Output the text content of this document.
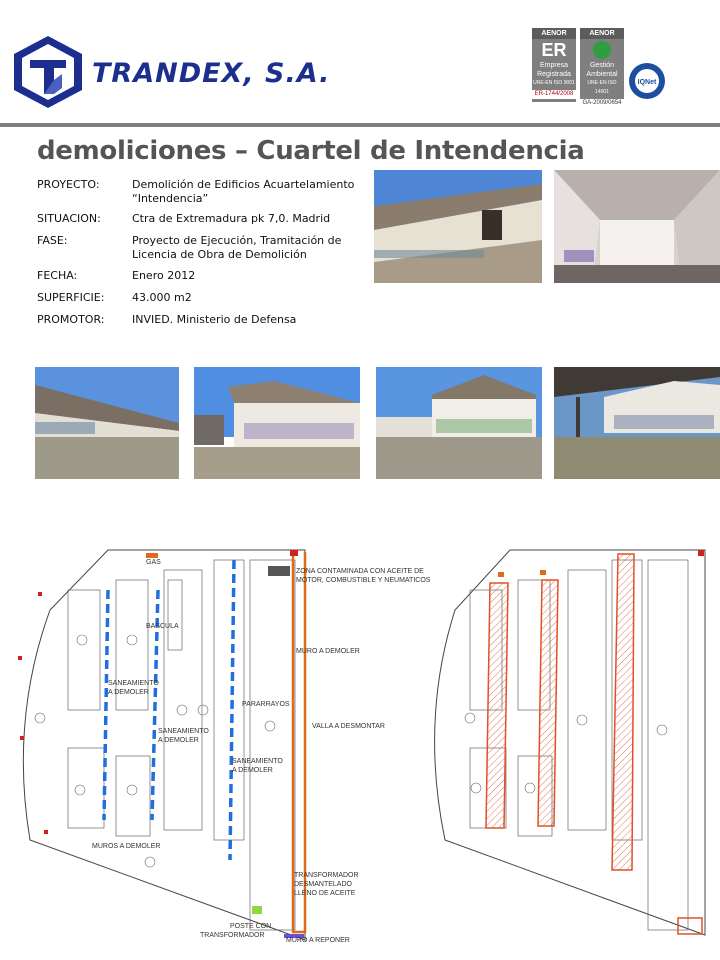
TRANDEX, S.A.
AENOR
ER
Empresa
Registrada
UNE-EN ISO 9001
ER-1744/2008
AENOR
Gestión
Ambiental
UNE-EN ISO 14001
GA-2009/0654
IQNet
demoliciones – Cuartel de Intendencia
PROYECTO:	Demolición de Edificios Acuartelamiento “Intendencia”
SITUACION:	Ctra de Extremadura pk 7,0. Madrid
FASE:	Proyecto de Ejecución, Tramitación de Licencia de Obra de Demolición
FECHA:	Enero 2012
SUPERFICIE:	43.000 m2
PROMOTOR:	INVIED. Ministerio de Defensa
GAS
BASCULA
ZONA CONTAMINADA CON ACEITE DE
MOTOR, COMBUSTIBLE Y NEUMATICOS
MURO A DEMOLER
PARARRAYOS
VALLA A DESMONTAR
SANEAMIENTO
A DEMOLER
SANEAMIENTO
A DEMOLER
SANEAMIENTO
A DEMOLER
MUROS A DEMOLER
TRANSFORMADOR
DESMANTELADO
LLENO DE ACEITE
POSTE CON
TRANSFORMADOR
MURO A REPONER
